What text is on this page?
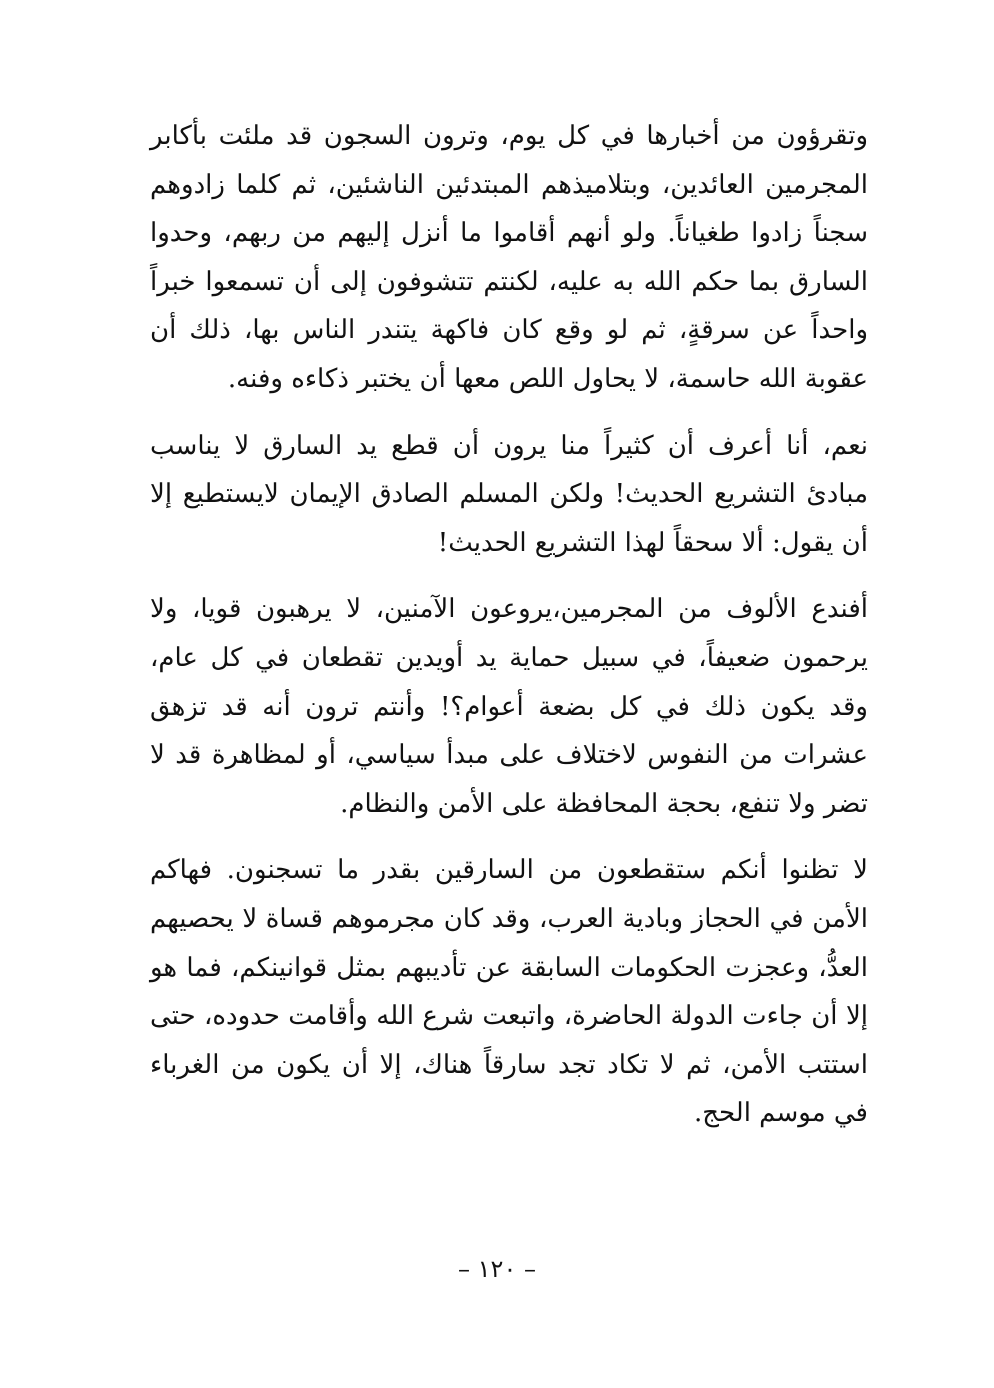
وتقرؤون من أخبارها في كل يوم، وترون السجون قد ملئت بأكابر المجرمين العائدين، وبتلاميذهم المبتدئين الناشئين، ثم كلما زادوهم سجناً زادوا طغياناً. ولو أنهم أقاموا ما أنزل إليهم من ربهم، وحدوا السارق بما حكم الله به عليه، لكنتم تتشوفون إلى أن تسمعوا خبراً واحداً عن سرقةٍ، ثم لو وقع كان فاكهة يتندر الناس بها، ذلك أن عقوبة الله حاسمة، لا يحاول اللص معها أن يختبر ذكاءه وفنه.

نعم، أنا أعرف أن كثيراً منا يرون أن قطع يد السارق لا يناسب مبادئ التشريع الحديث! ولكن المسلم الصادق الإيمان لايستطيع إلا أن يقول: ألا سحقاً لهذا التشريع الحديث!

أفندع الألوف من المجرمين،يروعون الآمنين، لا يرهبون قويا، ولا يرحمون ضعيفاً، في سبيل حماية يد أويدين تقطعان في كل عام، وقد يكون ذلك في كل بضعة أعوام؟! وأنتم ترون أنه قد تزهق عشرات من النفوس لاختلاف على مبدأ سياسي، أو لمظاهرة قد لا تضر ولا تنفع، بحجة المحافظة على الأمن والنظام.

لا تظنوا أنكم ستقطعون من السارقين بقدر ما تسجنون. فهاكم الأمن في الحجاز وبادية العرب، وقد كان مجرموهم قساة لا يحصيهم العدُّ، وعجزت الحكومات السابقة عن تأديبهم بمثل قوانينكم، فما هو إلا أن جاءت الدولة الحاضرة، واتبعت شرع الله وأقامت حدوده، حتى استتب الأمن، ثم لا تكاد تجد سارقاً هناك، إلا أن يكون من الغرباء في موسم الحج.

– ١٢٠ –
